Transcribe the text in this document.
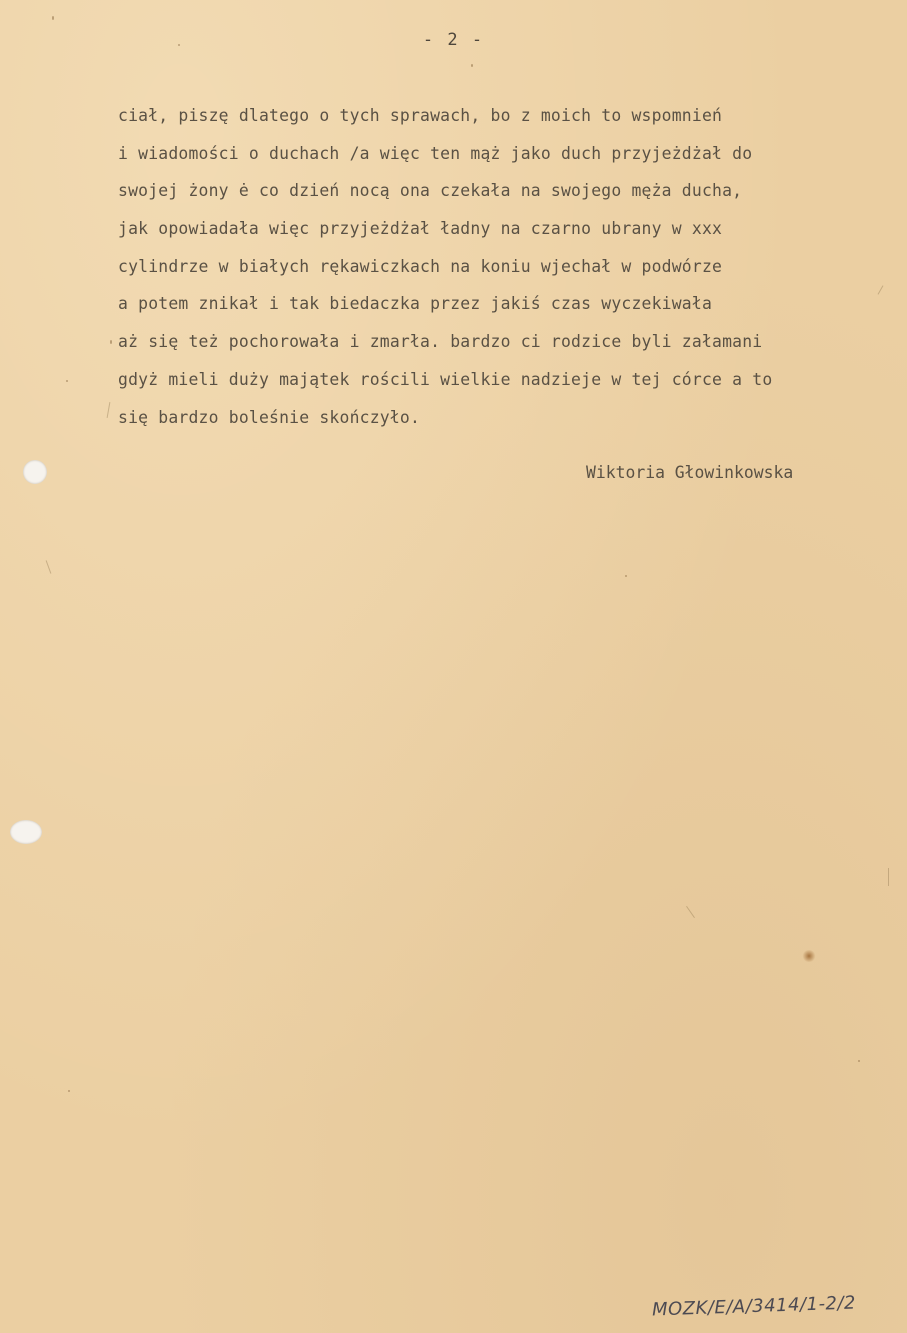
- 2 -
ciał, piszę dlatego o tych sprawach, bo z moich to wspomnień
i wiadomości o duchach /a więc ten mąż jako duch przyjeżdżał do
swojej żony ė co dzień nocą ona czekała na swojego męża ducha,
jak opowiadała więc przyjeżdżał ładny na czarno ubrany w xxx
cylindrze w białych rękawiczkach na koniu wjechał w podwórze
a potem znikał i tak biedaczka przez jakiś czas wyczekiwała
aż się też pochorowała i zmarła. bardzo ci rodzice byli załamani
gdyż mieli duży majątek rościli wielkie nadzieje w tej córce a to
się bardzo boleśnie skończyło.
Wiktoria Głowinkowska
MOZK/E/A/3414/1-2/2
